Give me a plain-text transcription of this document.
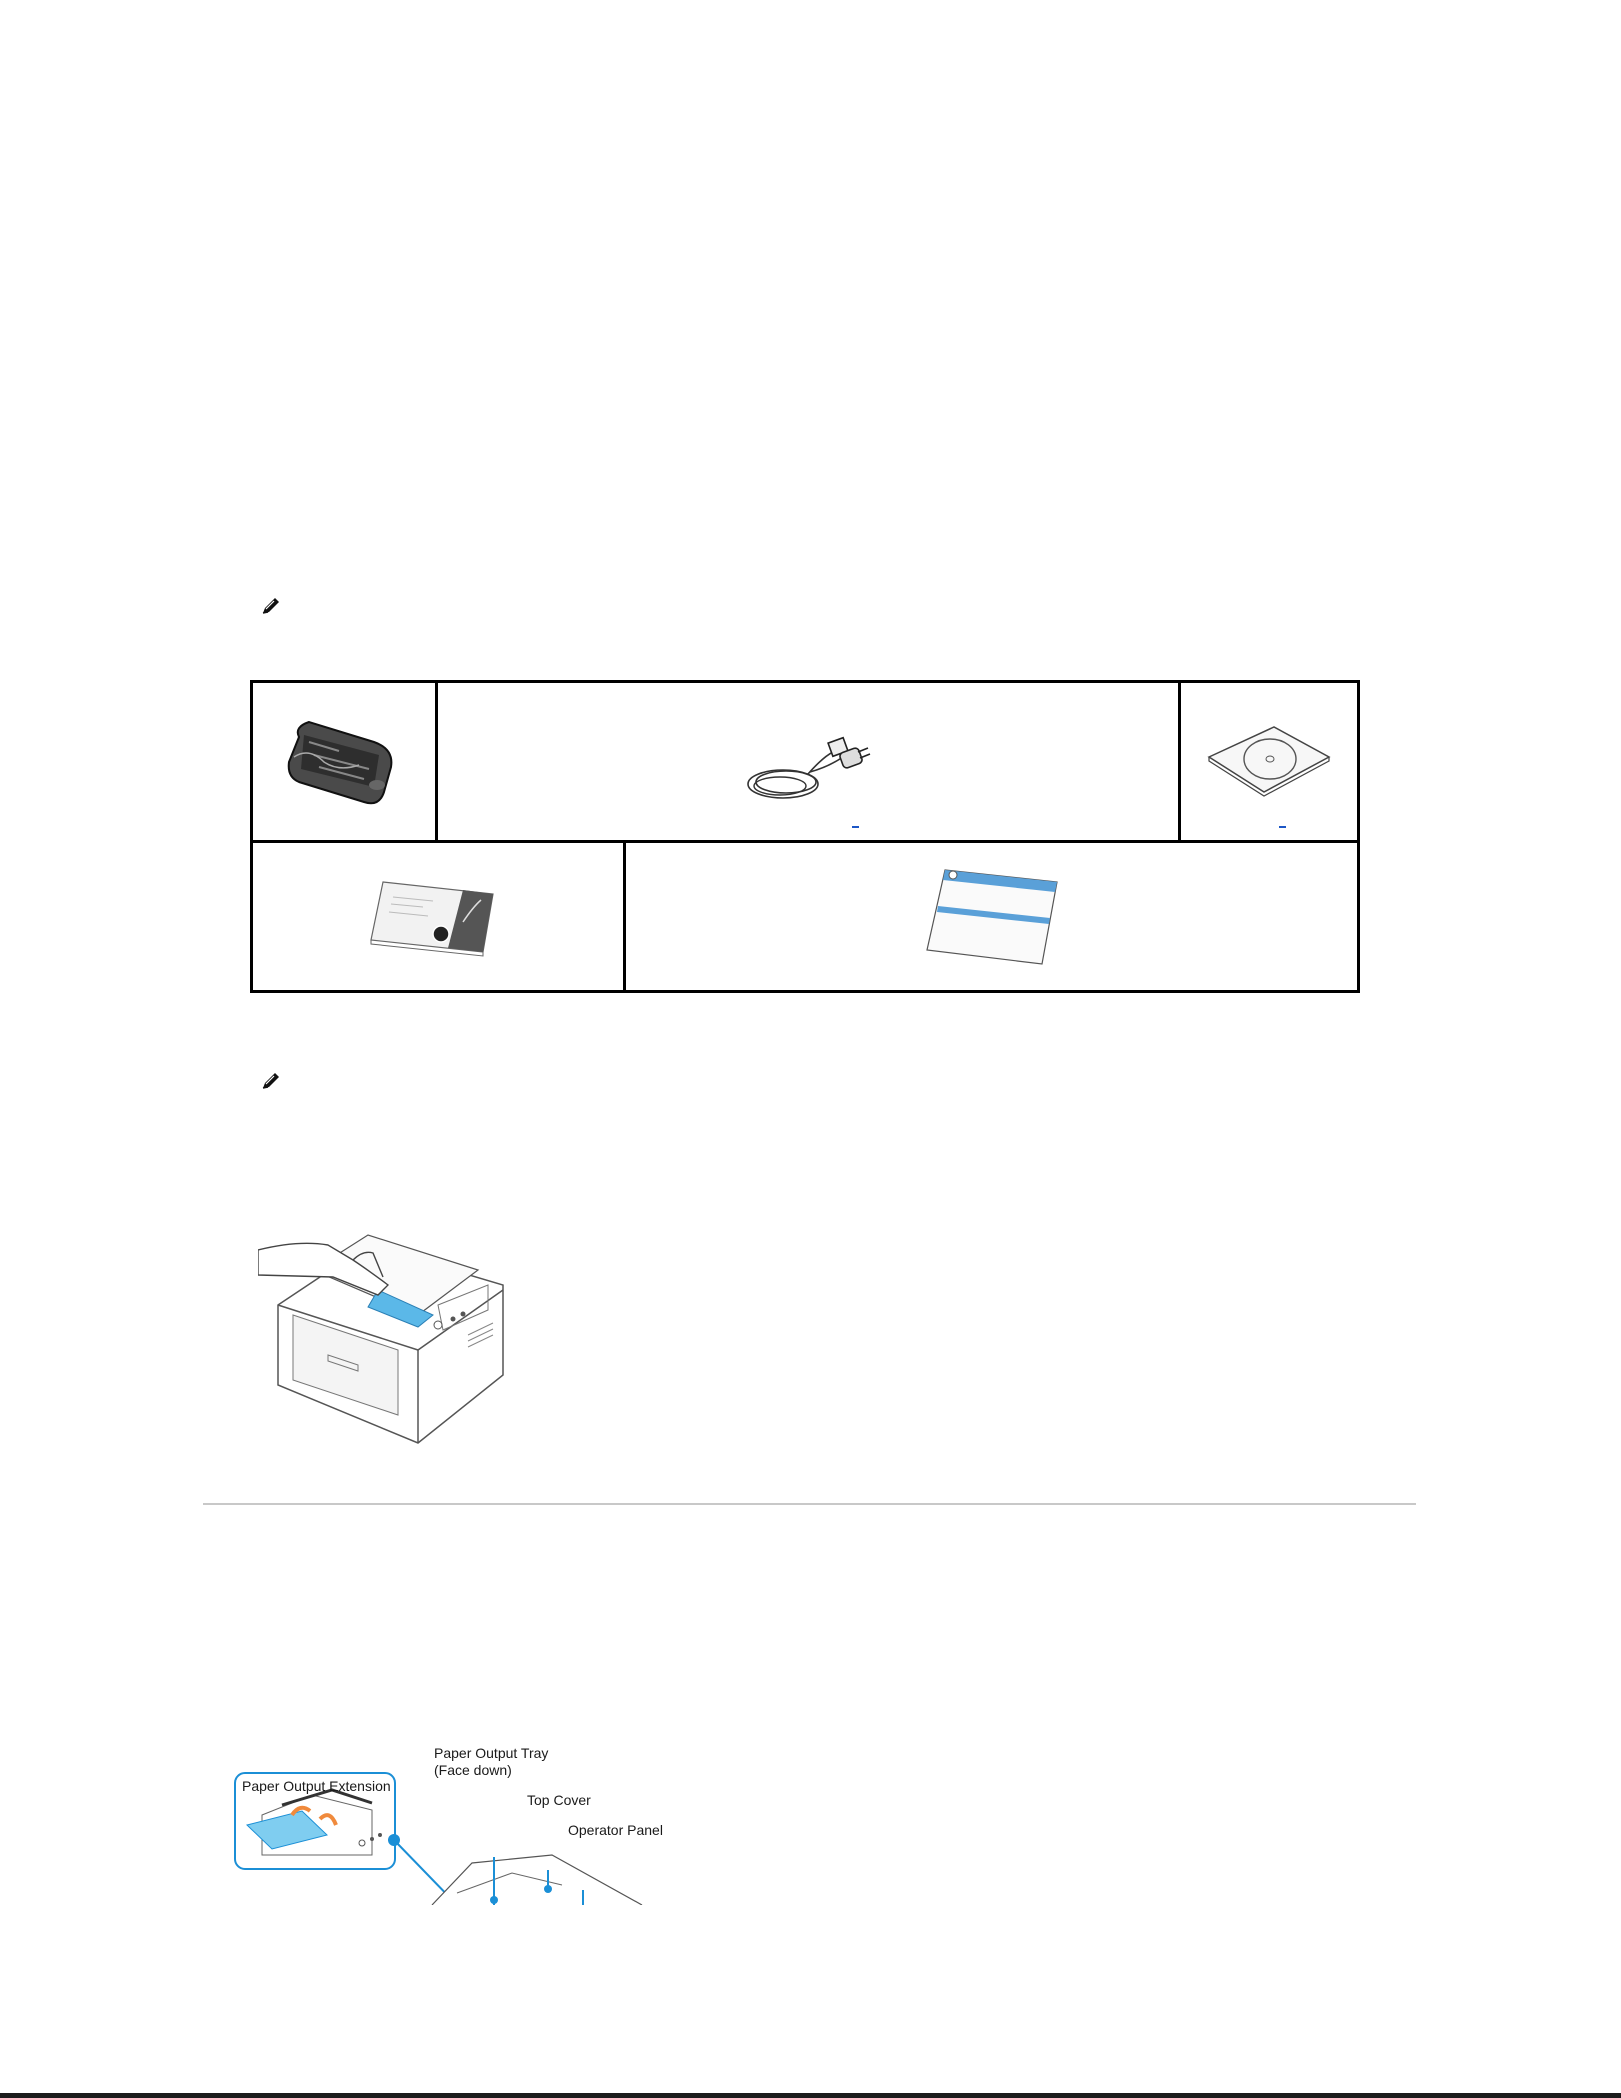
Paper Output Extension
Paper Output Tray
(Face down)
Top Cover
Operator Panel
